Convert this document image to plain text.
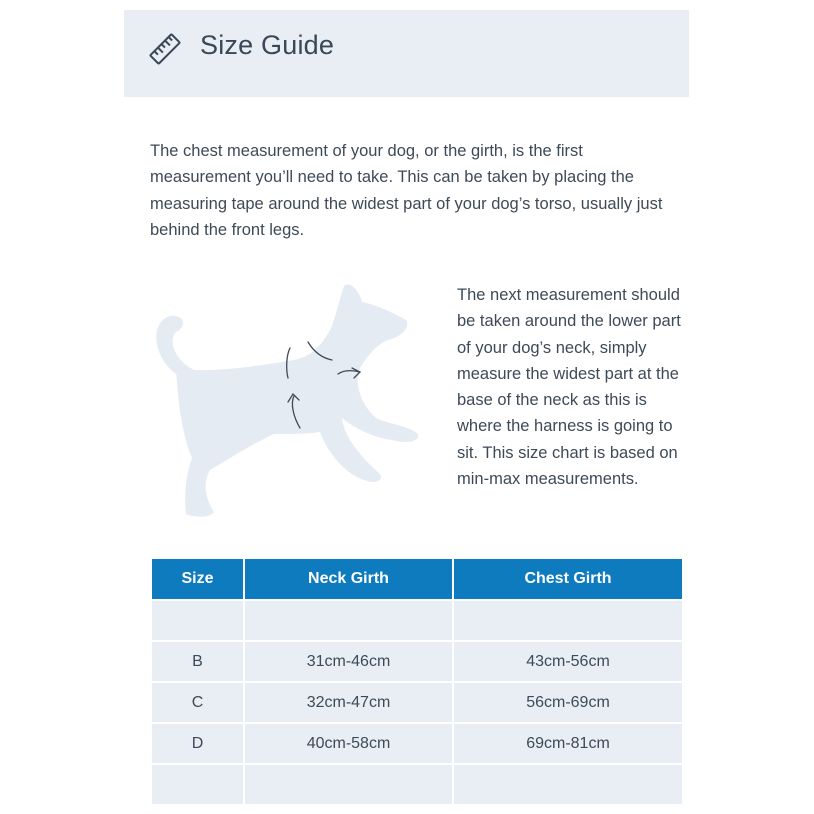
Size Guide

The chest measurement of your dog, or the girth, is the first measurement you’ll need to take. This can be taken by placing the measuring tape around the widest part of your dog’s torso, usually just behind the front legs.

The next measurement should be taken around the lower part of your dog’s neck, simply measure the widest part at the base of the neck as this is where the harness is going to sit. This size chart is based on min-max measurements.

Size	Neck Girth	Chest Girth

B	31cm-46cm	43cm-56cm
C	32cm-47cm	56cm-69cm
D	40cm-58cm	69cm-81cm
